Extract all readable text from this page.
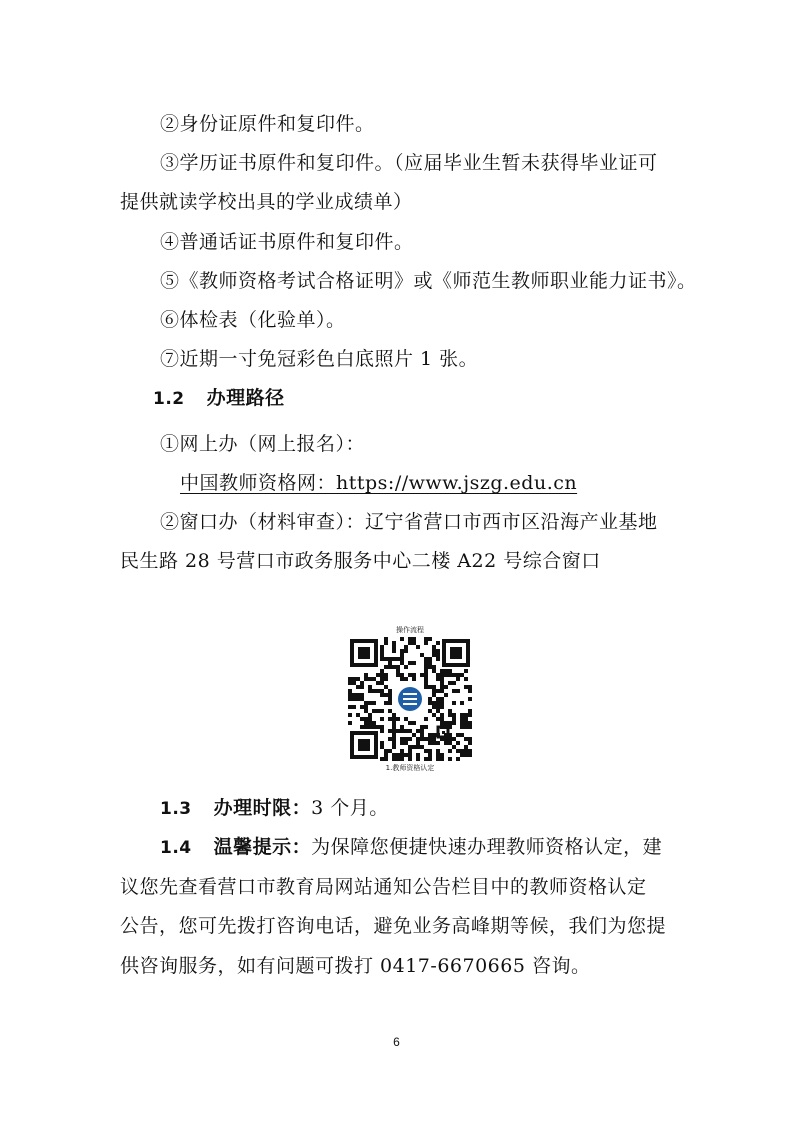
②身份证原件和复印件。
③学历证书原件和复印件。（应届毕业生暂未获得毕业证可
提供就读学校出具的学业成绩单）
④普通话证书原件和复印件。
⑤《教师资格考试合格证明》或《师范生教师职业能力证书》。
⑥体检表（化验单）。
⑦近期一寸免冠彩色白底照片 1 张。
1.2 办理路径
①网上办（网上报名）：
中国教师资格网：https://www.jszg.edu.cn
②窗口办（材料审查）：辽宁省营口市西市区沿海产业基地
民生路 28 号营口市政务服务中心二楼 A22 号综合窗口
操作流程
1.教师资格认定
1.3 办理时限：3 个月。
1.4 温馨提示：为保障您便捷快速办理教师资格认定，建
议您先查看营口市教育局网站通知公告栏目中的教师资格认定
公告，您可先拨打咨询电话，避免业务高峰期等候，我们为您提
供咨询服务，如有问题可拨打 0417-6670665 咨询。
6
